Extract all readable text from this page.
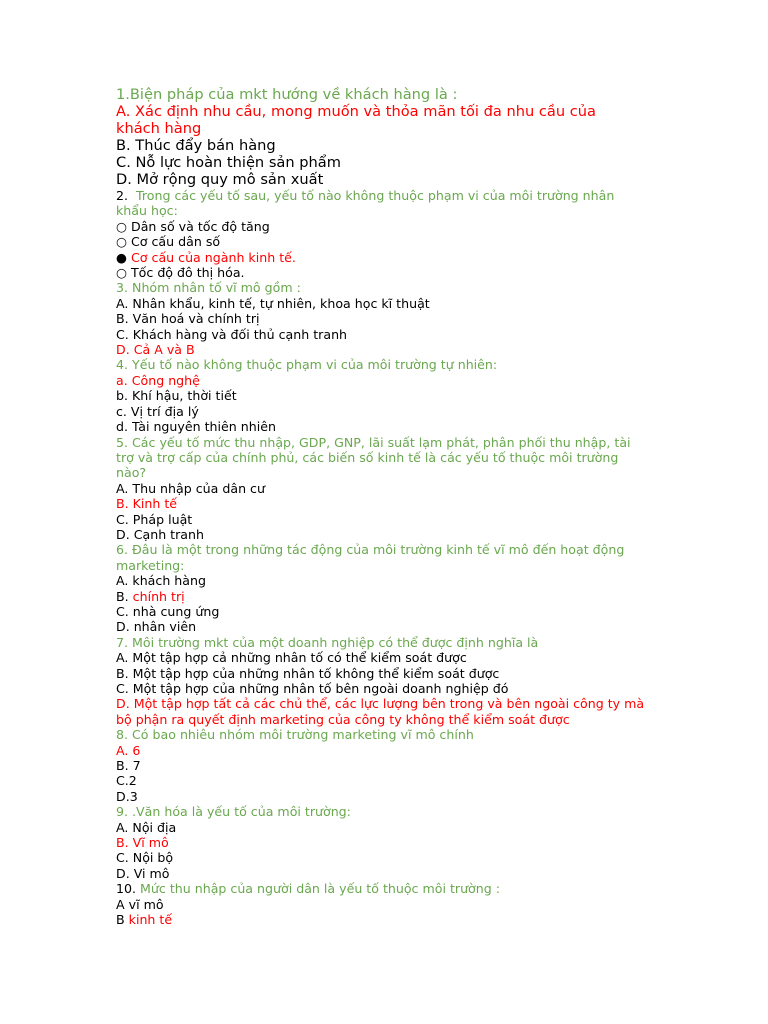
1.Biện pháp của mkt hướng về khách hàng là :
A. Xác định nhu cầu, mong muốn và thỏa mãn tối đa nhu cầu của
khách hàng
B. Thúc đẩy bán hàng
C. Nỗ lực hoàn thiện sản phẩm
D. Mở rộng quy mô sản xuất
2. Trong các yếu tố sau, yếu tố nào không thuộc phạm vi của môi trường nhân
khẩu học:
○ Dân số và tốc độ tăng
○ Cơ cấu dân số
● Cơ cấu của ngành kinh tế.
○ Tốc độ đô thị hóa.
3. Nhóm nhân tố vĩ mô gồm :
A. Nhân khẩu, kinh tế, tự nhiên, khoa học kĩ thuật
B. Văn hoá và chính trị
C. Khách hàng và đối thủ cạnh tranh
D. Cả A và B
4. Yếu tố nào không thuộc phạm vi của môi trường tự nhiên:
a. Công nghệ
b. Khí hậu, thời tiết
c. Vị trí địa lý
d. Tài nguyên thiên nhiên
5. Các yếu tố mức thu nhập, GDP, GNP, lãi suất lạm phát, phân phối thu nhập, tài
trợ và trợ cấp của chính phủ, các biến số kinh tế là các yếu tố thuộc môi trường
nào?
A. Thu nhập của dân cư
B. Kinh tế
C. Pháp luật
D. Cạnh tranh
6. Đâu là một trong những tác động của môi trường kinh tế vĩ mô đến hoạt động
marketing:
A. khách hàng
B. chính trị
C. nhà cung ứng
D. nhân viên
7. Môi trường mkt của một doanh nghiệp có thể được định nghĩa là
A. Một tập hợp cả những nhân tố có thể kiểm soát được
B. Một tập hợp của những nhân tố không thể kiểm soát được
C. Một tập hợp của những nhân tố bên ngoài doanh nghiệp đó
D. Một tập hợp tất cả các chủ thể, các lực lượng bên trong và bên ngoài công ty mà
bộ phận ra quyết định marketing của công ty không thể kiểm soát được
8. Có bao nhiêu nhóm môi trường marketing vĩ mô chính
A. 6
B. 7
C.2
D.3
9. .Văn hóa là yếu tố của môi trường:
A. Nội địa
B. Vĩ mô
C. Nội bộ
D. Vi mô
10. Mức thu nhập của người dân là yếu tố thuộc môi trường :
A vĩ mô
B kinh tế
